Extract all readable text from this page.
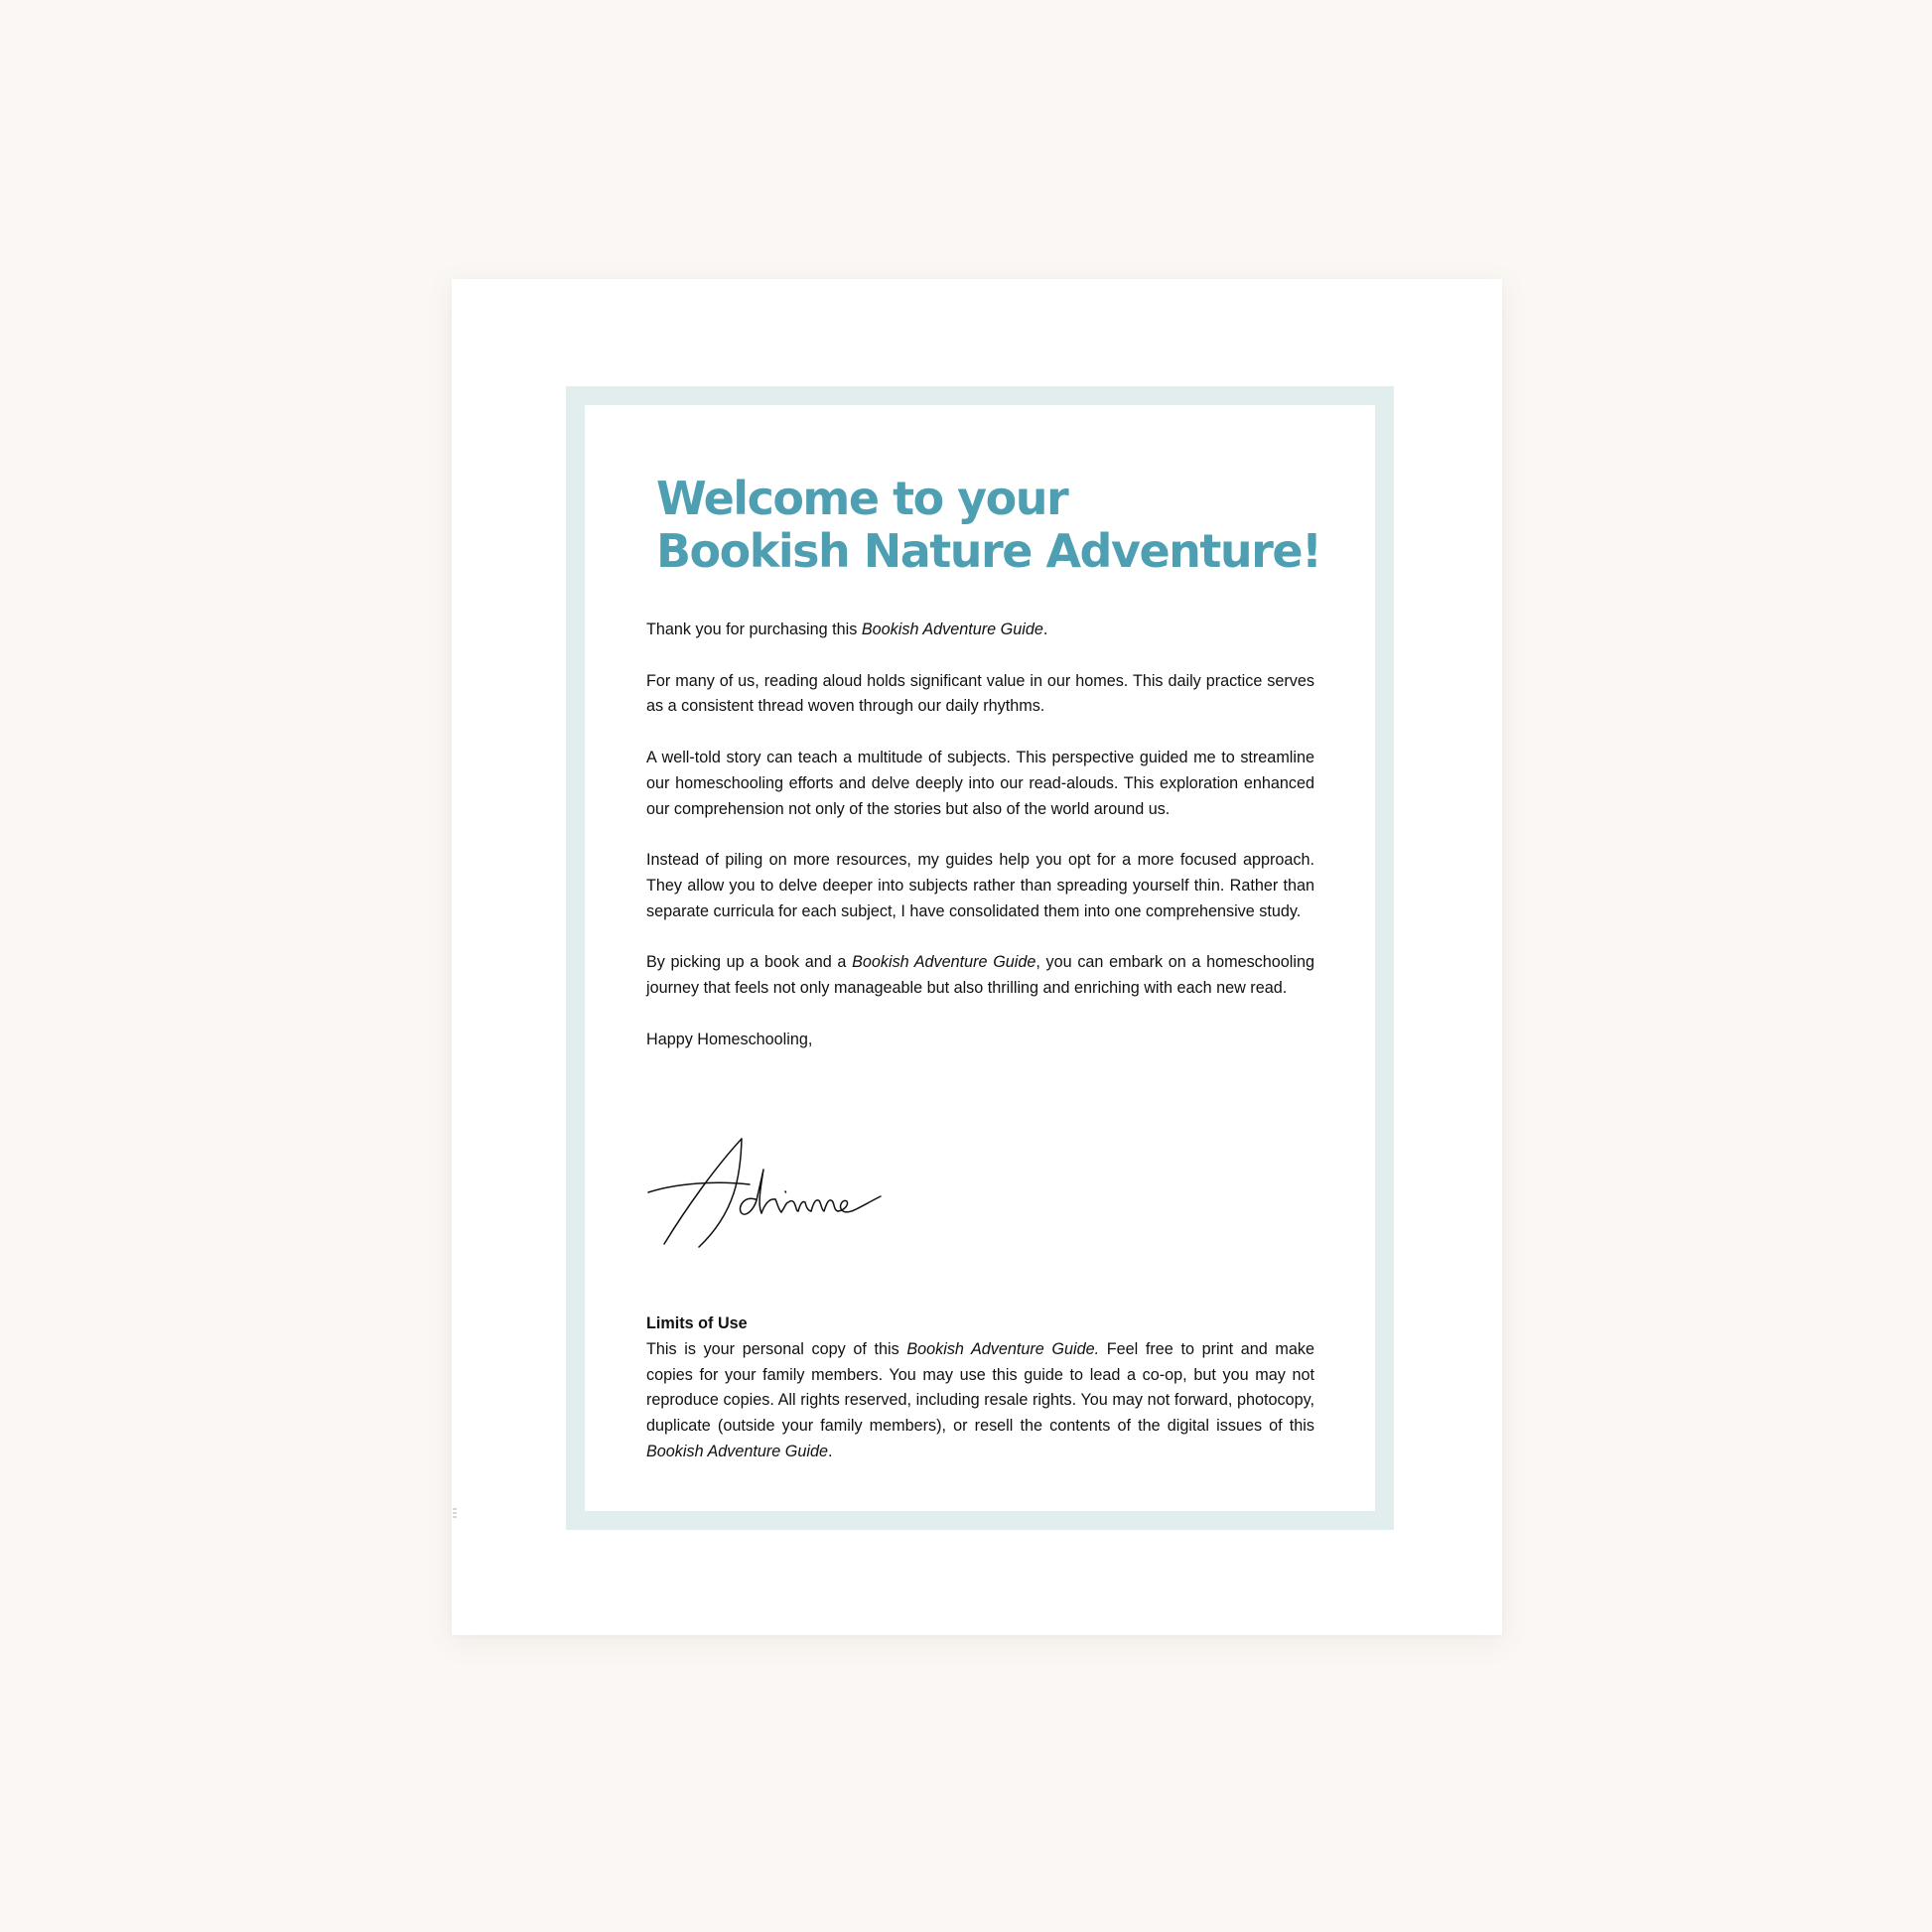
Welcome to your
Bookish Nature Adventure!

Thank you for purchasing this Bookish Adventure Guide.

For many of us, reading aloud holds significant value in our homes. This daily practice serves as a consistent thread woven through our daily rhythms.

A well-told story can teach a multitude of subjects. This perspective guided me to streamline our homeschooling efforts and delve deeply into our read-alouds. This exploration enhanced our comprehension not only of the stories but also of the world around us.

Instead of piling on more resources, my guides help you opt for a more focused approach. They allow you to delve deeper into subjects rather than spreading yourself thin. Rather than separate curricula for each subject, I have consolidated them into one comprehensive study.

By picking up a book and a Bookish Adventure Guide, you can embark on a homeschooling journey that feels not only manageable but also thrilling and enriching with each new read.

Happy Homeschooling,

Limits of Use

This is your personal copy of this Bookish Adventure Guide. Feel free to print and make copies for your family members. You may use this guide to lead a co-op, but you may not reproduce copies. All rights reserved, including resale rights. You may not forward, photocopy, duplicate (outside your family members), or resell the contents of the digital issues of this Bookish Adventure Guide.
